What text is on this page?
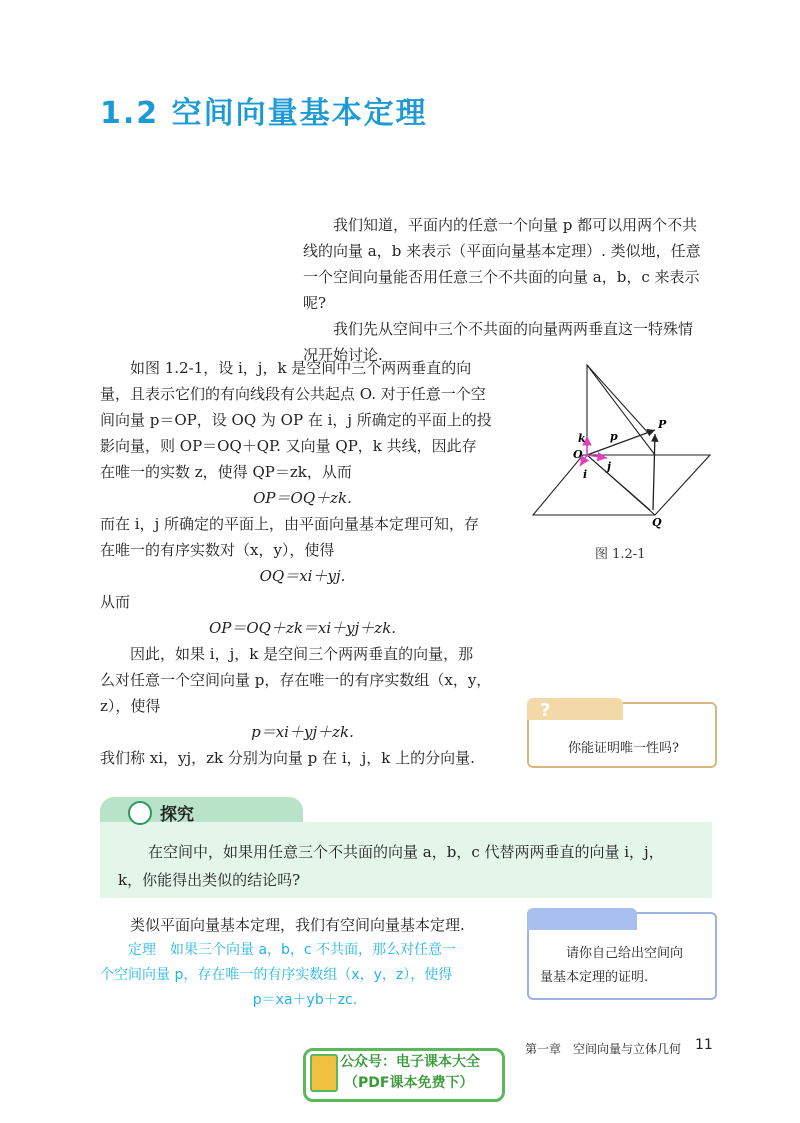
1.2 空间向量基本定理
我们知道，平面内的任意一个向量 p 都可以用两个不共
线的向量 a，b 来表示（平面向量基本定理）. 类似地，任意
一个空间向量能否用任意三个不共面的向量 a，b，c 来表示呢?
我们先从空间中三个不共面的向量两两垂直这一特殊情
况开始讨论.
如图 1.2-1，设 i，j，k 是空间中三个两两垂直的向
量，且表示它们的有向线段有公共起点 O. 对于任意一个空
间向量 p＝OP，设 OQ 为 OP 在 i，j 所确定的平面上的投
影向量，则 OP＝OQ＋QP. 又向量 QP，k 共线，因此存
在唯一的实数 z，使得 QP＝zk，从而
OP＝OQ＋zk.
而在 i，j 所确定的平面上，由平面向量基本定理可知，存
在唯一的有序实数对（x，y），使得
OQ＝xi＋yj.
从而
OP＝OQ＋zk＝xi＋yj＋zk.
因此，如果 i，j，k 是空间三个两两垂直的向量，那
么对任意一个空间向量 p，存在唯一的有序实数组（x，y，
z），使得
p＝xi＋yj＋zk.
我们称 xi，yj，zk 分别为向量 p 在 i，j，k 上的分向量.
P
Q
O
k p
i
j
图 1.2-1
?
你能证明唯一性吗?
探究
在空间中，如果用任意三个不共面的向量 a，b，c 代替两两垂直的向量 i，j，
k，你能得出类似的结论吗?
类似平面向量基本定理，我们有空间向量基本定理.
定理　如果三个向量 a，b，c 不共面，那么对任意一
个空间向量 p，存在唯一的有序实数组（x，y，z），使得
p＝xa＋yb＋zc.
请你自己给出空间向
量基本定理的证明.
第一章　空间向量与立体几何 11
公众号：电子课本大全
（PDF课本免费下）
